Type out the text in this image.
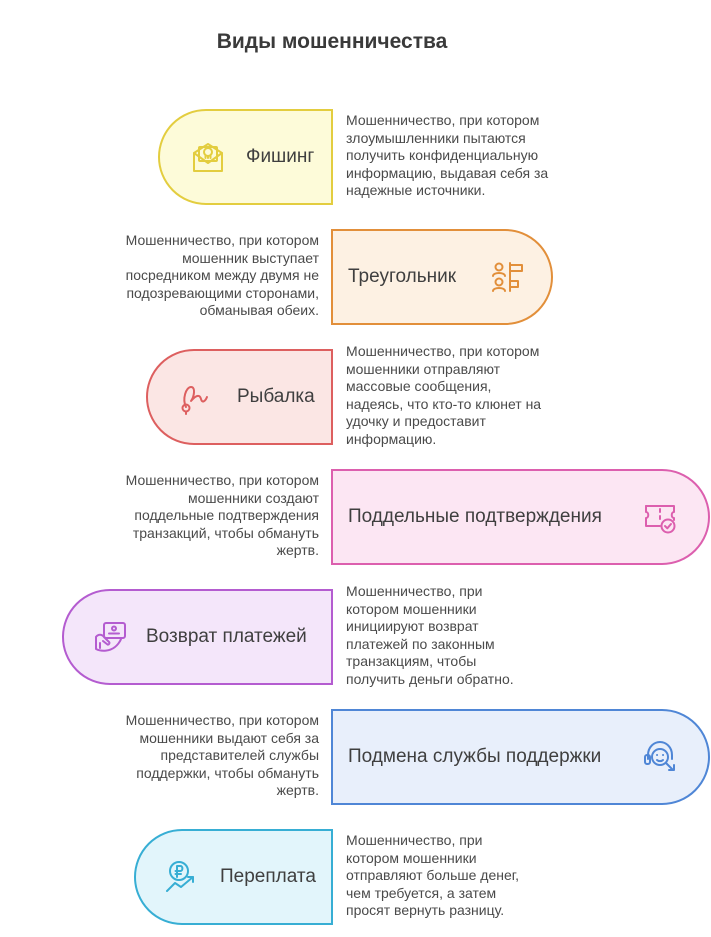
Виды мошенничества
Фишинг
Мошенничество, при котором злоумышленники пытаются получить конфиденциальную информацию, выдавая себя за надежные источники.
Треугольник
Мошенничество, при котором мошенник выступает посредником между двумя не подозревающими сторонами, обманывая обеих.
Рыбалка
Мошенничество, при котором мошенники отправляют массовые сообщения, надеясь, что кто-то клюнет на удочку и предоставит информацию.
Поддельные подтверждения
Мошенничество, при котором мошенники создают поддельные подтверждения транзакций, чтобы обмануть жертв.
Возврат платежей
Мошенничество, при котором мошенники инициируют возврат платежей по законным транзакциям, чтобы получить деньги обратно.
Подмена службы поддержки
Мошенничество, при котором мошенники выдают себя за представителей службы поддержки, чтобы обмануть жертв.
Переплата
Мошенничество, при котором мошенники отправляют больше денег, чем требуется, а затем просят вернуть разницу.
